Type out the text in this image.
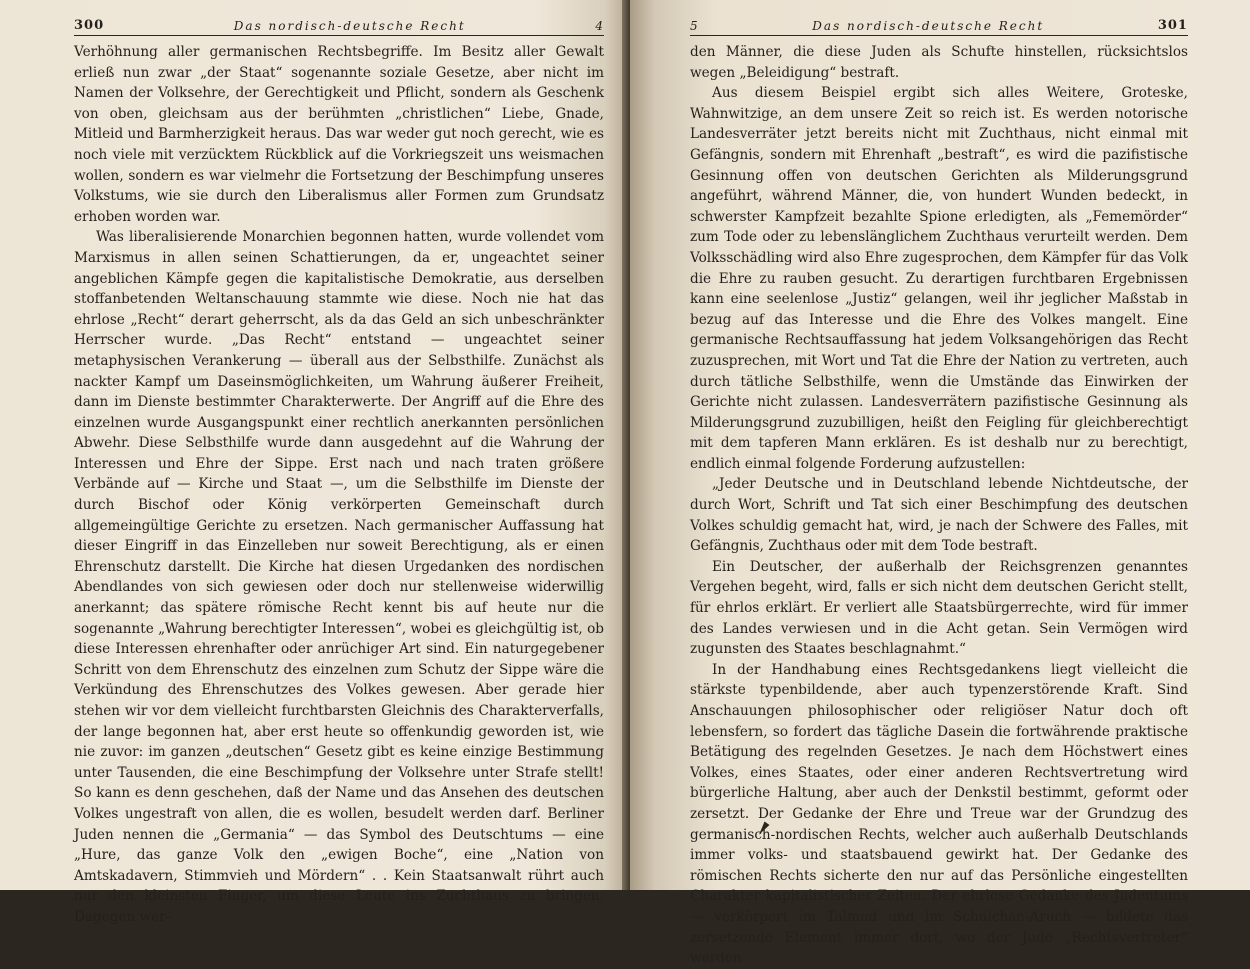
300	Das nordisch-deutsche Recht	4

Verhöhnung aller germanischen Rechtsbegriffe. Im Besitz aller Gewalt erließ nun zwar „der Staat“ sogenannte soziale Gesetze, aber nicht im Namen der Volksehre, der Gerechtigkeit und Pflicht, sondern als Geschenk von oben, gleichsam aus der berühmten „christlichen“ Liebe, Gnade, Mitleid und Barmherzigkeit heraus. Das war weder gut noch gerecht, wie es noch viele mit verzücktem Rückblick auf die Vorkriegszeit uns weismachen wollen, sondern es war vielmehr die Fortsetzung der Beschimpfung unseres Volkstums, wie sie durch den Liberalismus aller Formen zum Grundsatz erhoben worden war.

Was liberalisierende Monarchien begonnen hatten, wurde vollendet vom Marxismus in allen seinen Schattierungen, da er, ungeachtet seiner angeblichen Kämpfe gegen die kapitalistische Demokratie, aus derselben stoffanbetenden Weltanschauung stammte wie diese. Noch nie hat das ehrlose „Recht“ derart geherrscht, als da das Geld an sich unbeschränkter Herrscher wurde. „Das Recht“ entstand — ungeachtet seiner metaphysischen Verankerung — überall aus der Selbsthilfe. Zunächst als nackter Kampf um Daseinsmöglichkeiten, um Wahrung äußerer Freiheit, dann im Dienste bestimmter Charakterwerte. Der Angriff auf die Ehre des einzelnen wurde Ausgangspunkt einer rechtlich anerkannten persönlichen Abwehr. Diese Selbsthilfe wurde dann ausgedehnt auf die Wahrung der Interessen und Ehre der Sippe. Erst nach und nach traten größere Verbände auf — Kirche und Staat —, um die Selbsthilfe im Dienste der durch Bischof oder König verkörperten Gemeinschaft durch allgemeingültige Gerichte zu ersetzen. Nach germanischer Auffassung hat dieser Eingriff in das Einzelleben nur soweit Berechtigung, als er einen Ehrenschutz darstellt. Die Kirche hat diesen Urgedanken des nordischen Abendlandes von sich gewiesen oder doch nur stellenweise widerwillig anerkannt; das spätere römische Recht kennt bis auf heute nur die sogenannte „Wahrung berechtigter Interessen“, wobei es gleichgültig ist, ob diese Interessen ehrenhafter oder anrüchiger Art sind. Ein naturgegebener Schritt von dem Ehrenschutz des einzelnen zum Schutz der Sippe wäre die Verkündung des Ehrenschutzes des Volkes gewesen. Aber gerade hier stehen wir vor dem vielleicht furchtbarsten Gleichnis des Charakterverfalls, der lange begonnen hat, aber erst heute so offenkundig geworden ist, wie nie zuvor: im ganzen „deutschen“ Gesetz gibt es keine einzige Bestimmung unter Tausenden, die eine Beschimpfung der Volksehre unter Strafe stellt! So kann es denn geschehen, daß der Name und das Ansehen des deutschen Volkes ungestraft von allen, die es wollen, besudelt werden darf. Berliner Juden nennen die „Germania“ — das Symbol des Deutschtums — eine „Hure, das ganze Volk den „ewigen Boche“, eine „Nation von Amtskadavern, Stimmvieh und Mördern“ . . Kein Staatsanwalt rührt auch nur den kleinsten Finger, um diese Leute ins Zuchthaus zu bringen. Dagegen wer-

5	Das nordisch-deutsche Recht	301

den Männer, die diese Juden als Schufte hinstellen, rücksichtslos wegen „Beleidigung“ bestraft.

Aus diesem Beispiel ergibt sich alles Weitere, Groteske, Wahnwitzige, an dem unsere Zeit so reich ist. Es werden notorische Landesverräter jetzt bereits nicht mit Zuchthaus, nicht einmal mit Gefängnis, sondern mit Ehrenhaft „bestraft“, es wird die pazifistische Gesinnung offen von deutschen Gerichten als Milderungsgrund angeführt, während Männer, die, von hundert Wunden bedeckt, in schwerster Kampfzeit bezahlte Spione erledigten, als „Fememörder“ zum Tode oder zu lebenslänglichem Zuchthaus verurteilt werden. Dem Volksschädling wird also Ehre zugesprochen, dem Kämpfer für das Volk die Ehre zu rauben gesucht. Zu derartigen furchtbaren Ergebnissen kann eine seelenlose „Justiz“ gelangen, weil ihr jeglicher Maßstab in bezug auf das Interesse und die Ehre des Volkes mangelt. Eine germanische Rechtsauffassung hat jedem Volksangehörigen das Recht zuzusprechen, mit Wort und Tat die Ehre der Nation zu vertreten, auch durch tätliche Selbsthilfe, wenn die Umstände das Einwirken der Gerichte nicht zulassen. Landesverrätern pazifistische Gesinnung als Milderungsgrund zuzubilligen, heißt den Feigling für gleichberechtigt mit dem tapferen Mann erklären. Es ist deshalb nur zu berechtigt, endlich einmal folgende Forderung aufzustellen:

„Jeder Deutsche und in Deutschland lebende Nichtdeutsche, der durch Wort, Schrift und Tat sich einer Beschimpfung des deutschen Volkes schuldig gemacht hat, wird, je nach der Schwere des Falles, mit Gefängnis, Zuchthaus oder mit dem Tode bestraft.

Ein Deutscher, der außerhalb der Reichsgrenzen genanntes Vergehen begeht, wird, falls er sich nicht dem deutschen Gericht stellt, für ehrlos erklärt. Er verliert alle Staatsbürgerrechte, wird für immer des Landes verwiesen und in die Acht getan. Sein Vermögen wird zugunsten des Staates beschlagnahmt.“

In der Handhabung eines Rechtsgedankens liegt vielleicht die stärkste typenbildende, aber auch typenzerstörende Kraft. Sind Anschauungen philosophischer oder religiöser Natur doch oft lebensfern, so fordert das tägliche Dasein die fortwährende praktische Betätigung des regelnden Gesetzes. Je nach dem Höchstwert eines Volkes, eines Staates, oder einer anderen Rechtsvertretung wird bürgerliche Haltung, aber auch der Denkstil bestimmt, geformt oder zersetzt. Der Gedanke der Ehre und Treue war der Grundzug des germanisch-nordischen Rechts, welcher auch außerhalb Deutschlands immer volks- und staatsbauend gewirkt hat. Der Gedanke des römischen Rechts sicherte den nur auf das Persönliche eingestellten Charakter kapitalistischer Zeiten. Der ehrlose Gedanke des Judentums — verkörpert im Talmud und im Schulchan-Aruch — bildete das zersetzende Element immer dort, wo der Jude „Rechtsvertreter“ werden
